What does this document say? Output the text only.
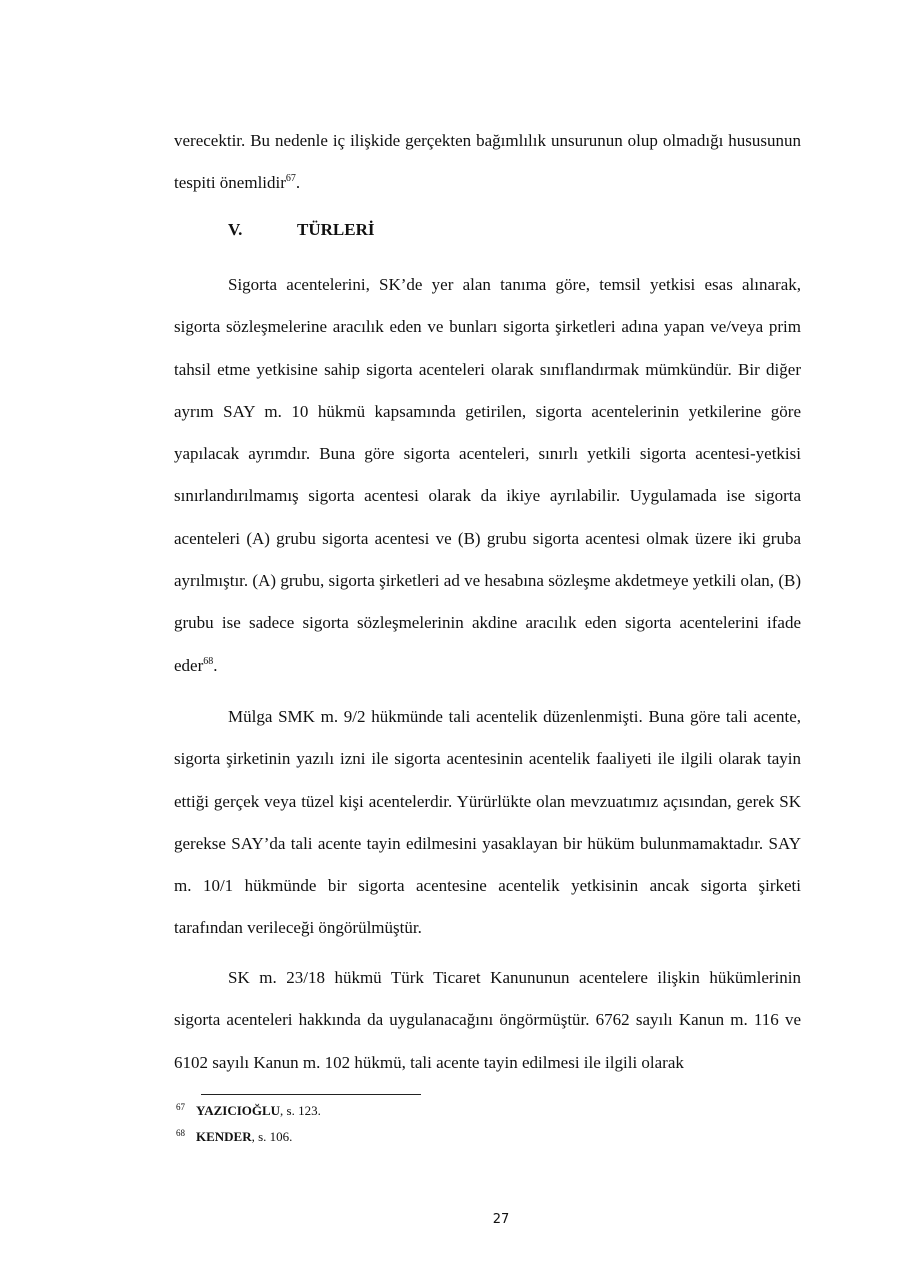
verecektir. Bu nedenle iç ilişkide gerçekten bağımlılık unsurunun olup olmadığı hususunun tespiti önemlidir$^{67}$.

V.	TÜRLERİ

Sigorta acentelerini, SK’de yer alan tanıma göre, temsil yetkisi esas alınarak, sigorta sözleşmelerine aracılık eden ve bunları sigorta şirketleri adına yapan ve/veya prim tahsil etme yetkisine sahip sigorta acenteleri olarak sınıflandırmak mümkündür. Bir diğer ayrım SAY m. 10 hükmü kapsamında getirilen, sigorta acentelerinin yetkilerine göre yapılacak ayrımdır. Buna göre sigorta acenteleri, sınırlı yetkili sigorta acentesi-yetkisi sınırlandırılmamış sigorta acentesi olarak da ikiye ayrılabilir. Uygulamada ise sigorta acenteleri (A) grubu sigorta acentesi ve (B) grubu sigorta acentesi olmak üzere iki gruba ayrılmıştır. (A) grubu, sigorta şirketleri ad ve hesabına sözleşme akdetmeye yetkili olan, (B) grubu ise sadece sigorta sözleşmelerinin akdine aracılık eden sigorta acentelerini ifade eder$^{68}$.

Mülga SMK m. 9/2 hükmünde tali acentelik düzenlenmişti. Buna göre tali acente, sigorta şirketinin yazılı izni ile sigorta acentesinin acentelik faaliyeti ile ilgili olarak tayin ettiği gerçek veya tüzel kişi acentelerdir. Yürürlükte olan mevzuatımız açısından, gerek SK gerekse SAY’da tali acente tayin edilmesini yasaklayan bir hüküm bulunmamaktadır. SAY m. 10/1 hükmünde bir sigorta acentesine acentelik yetkisinin ancak sigorta şirketi tarafından verileceği öngörülmüştür.

SK m. 23/18 hükmü Türk Ticaret Kanununun acentelere ilişkin hükümlerinin sigorta acenteleri hakkında da uygulanacağını öngörmüştür. 6762 sayılı Kanun m. 116 ve 6102 sayılı Kanun m. 102 hükmü, tali acente tayin edilmesi ile ilgili olarak

$^{67}$ YAZICIOĞLU, s. 123.
$^{68}$ KENDER, s. 106.
27
